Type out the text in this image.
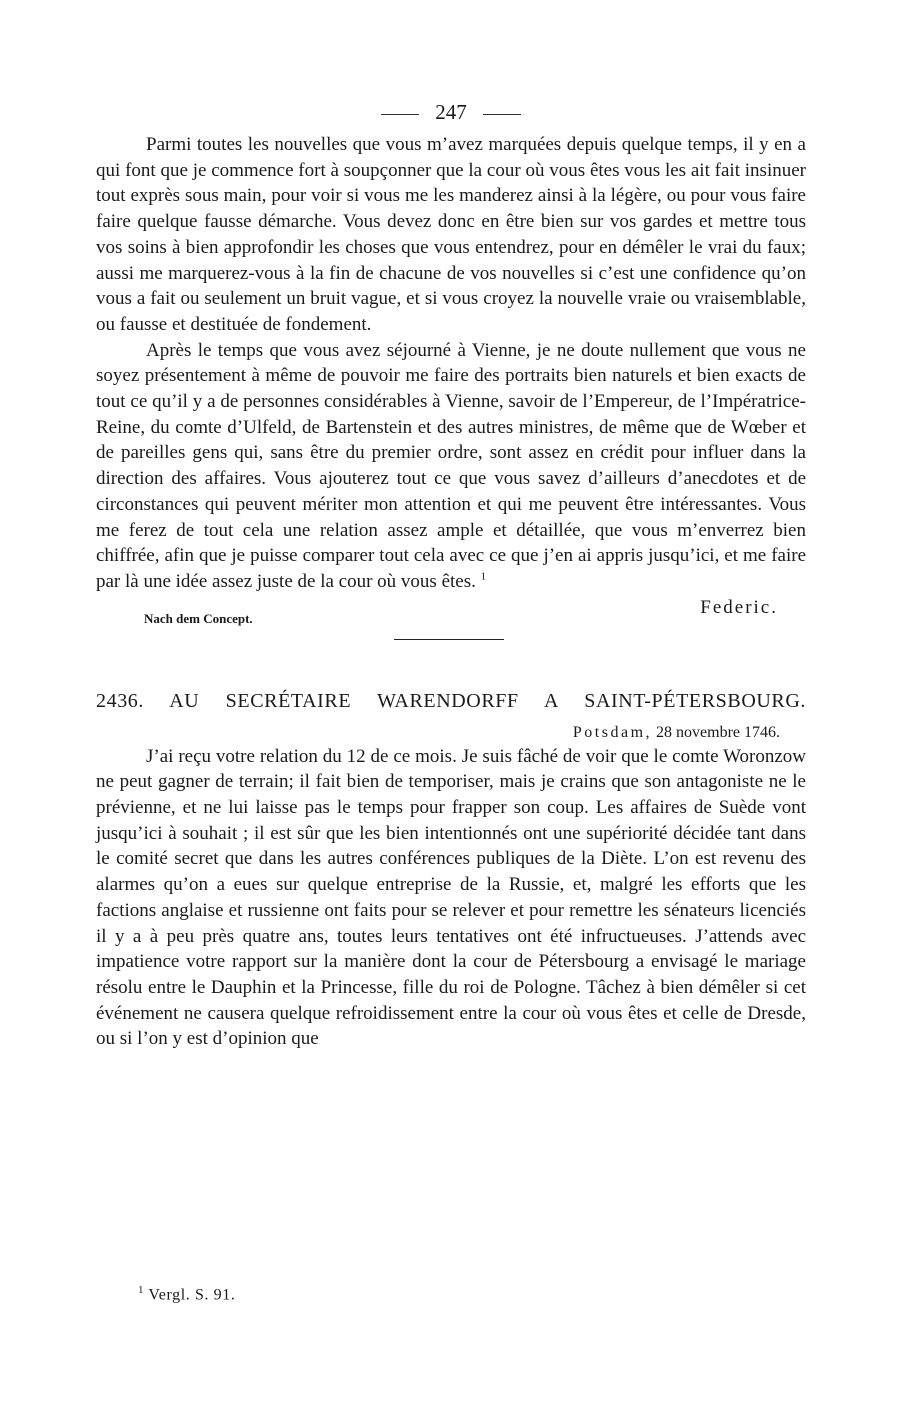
247

Parmi toutes les nouvelles que vous m’avez marquées depuis quelque temps, il y en a qui font que je commence fort à soupçonner que la cour où vous êtes vous les ait fait insinuer tout exprès sous main, pour voir si vous me les manderez ainsi à la légère, ou pour vous faire faire quelque fausse démarche. Vous devez donc en être bien sur vos gardes et mettre tous vos soins à bien approfondir les choses que vous entendrez, pour en démêler le vrai du faux; aussi me marquerez-vous à la fin de chacune de vos nouvelles si c’est une confidence qu’on vous a fait ou seulement un bruit vague, et si vous croyez la nouvelle vraie ou vraisemblable, ou fausse et destituée de fondement.

Après le temps que vous avez séjourné à Vienne, je ne doute nullement que vous ne soyez présentement à même de pouvoir me faire des portraits bien naturels et bien exacts de tout ce qu’il y a de personnes considérables à Vienne, savoir de l’Empereur, de l’Impératrice-Reine, du comte d’Ulfeld, de Bartenstein et des autres ministres, de même que de Wœber et de pareilles gens qui, sans être du premier ordre, sont assez en crédit pour influer dans la direction des affaires. Vous ajouterez tout ce que vous savez d’ailleurs d’anecdotes et de circonstances qui peuvent mériter mon attention et qui me peuvent être intéressantes. Vous me ferez de tout cela une relation assez ample et détaillée, que vous m’enverrez bien chiffrée, afin que je puisse comparer tout cela avec ce que j’en ai appris jusqu’ici, et me faire par là une idée assez juste de la cour où vous êtes. $^1$

Nach dem Concept.
Federic.
2436. AU SECRÉTAIRE WARENDORFF A SAINT-PÉTERSBOURG.
Potsdam, 28 novembre 1746.

J’ai reçu votre relation du 12 de ce mois. Je suis fâché de voir que le comte Woronzow ne peut gagner de terrain; il fait bien de temporiser, mais je crains que son antagoniste ne le prévienne, et ne lui laisse pas le temps pour frapper son coup. Les affaires de Suède vont jusqu’ici à souhait ; il est sûr que les bien intentionnés ont une supériorité décidée tant dans le comité secret que dans les autres conférences publiques de la Diète. L’on est revenu des alarmes qu’on a eues sur quelque entreprise de la Russie, et, malgré les efforts que les factions anglaise et russienne ont faits pour se relever et pour remettre les sénateurs licenciés il y a à peu près quatre ans, toutes leurs tentatives ont été infructueuses. J’attends avec impatience votre rapport sur la manière dont la cour de Pétersbourg a envisagé le mariage résolu entre le Dauphin et la Princesse, fille du roi de Pologne. Tâchez à bien démêler si cet événement ne causera quelque refroidissement entre la cour où vous êtes et celle de Dresde, ou si l’on y est d’opinion que

$^1$ Vergl. S. 91.
